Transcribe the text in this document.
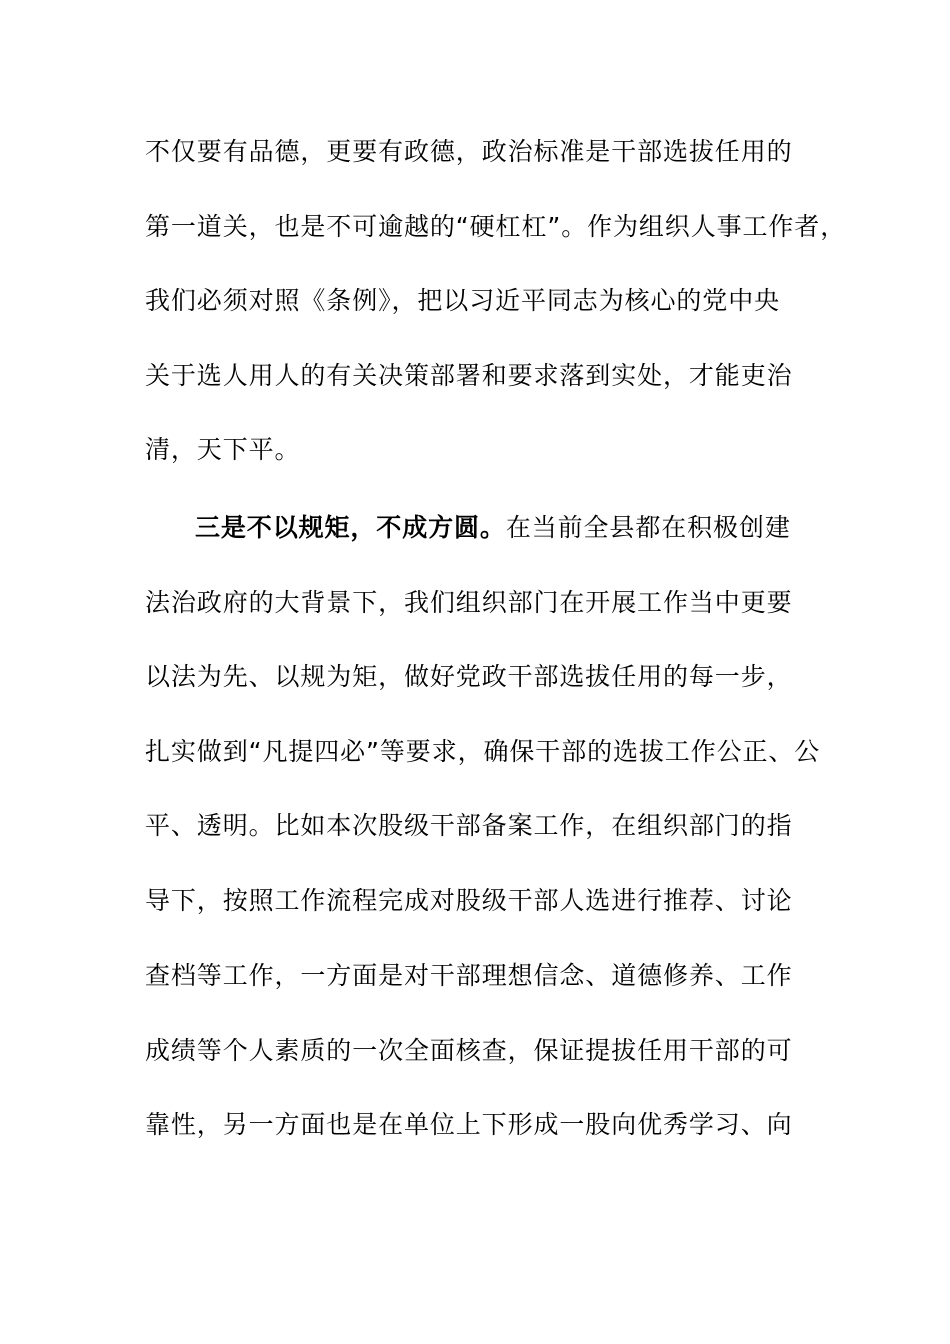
不仅要有品德，更要有政德，政治标准是干部选拔任用的

第一道关，也是不可逾越的“硬杠杠”。作为组织人事工作者，

我们必须对照《条例》，把以习近平同志为核心的党中央

关于选人用人的有关决策部署和要求落到实处，才能吏治

清，天下平。

三是不以规矩，不成方圆。在当前全县都在积极创建

法治政府的大背景下，我们组织部门在开展工作当中更要

以法为先、以规为矩，做好党政干部选拔任用的每一步，

扎实做到“凡提四必”等要求，确保干部的选拔工作公正、公

平、透明。比如本次股级干部备案工作，在组织部门的指

导下，按照工作流程完成对股级干部人选进行推荐、讨论

查档等工作，一方面是对干部理想信念、道德修养、工作

成绩等个人素质的一次全面核查，保证提拔任用干部的可

靠性，另一方面也是在单位上下形成一股向优秀学习、向
